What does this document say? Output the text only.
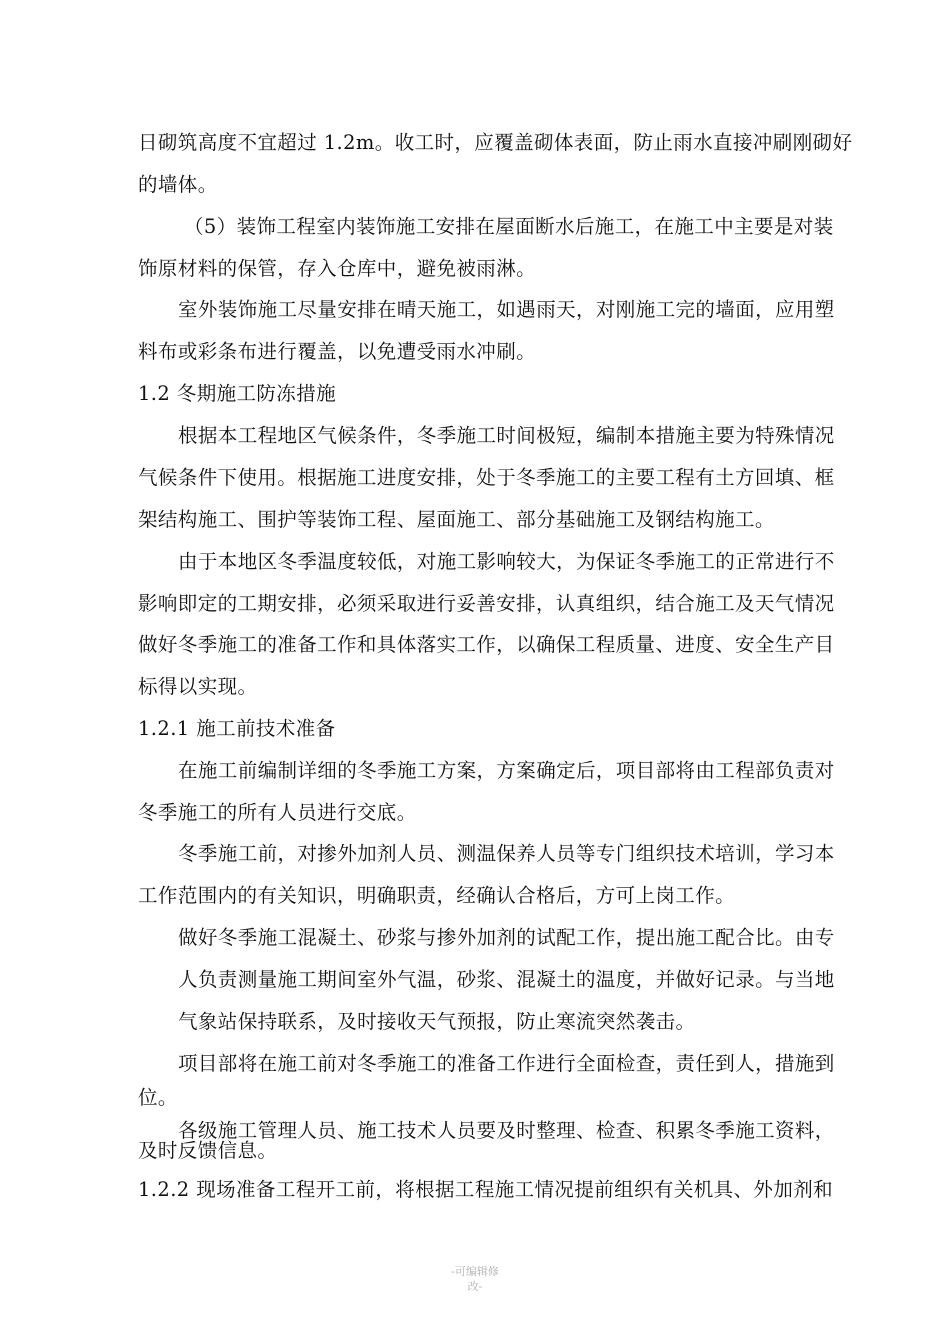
日砌筑高度不宜超过 1.2m。收工时，应覆盖砌体表面，防止雨水直接冲刷刚砌好
的墙体。
（5）装饰工程室内装饰施工安排在屋面断水后施工，在施工中主要是对装
饰原材料的保管，存入仓库中，避免被雨淋。
室外装饰施工尽量安排在晴天施工，如遇雨天，对刚施工完的墙面，应用塑
料布或彩条布进行覆盖，以免遭受雨水冲刷。
1.2 冬期施工防冻措施
根据本工程地区气候条件，冬季施工时间极短，编制本措施主要为特殊情况
气候条件下使用。根据施工进度安排，处于冬季施工的主要工程有土方回填、框
架结构施工、围护等装饰工程、屋面施工、部分基础施工及钢结构施工。
由于本地区冬季温度较低，对施工影响较大，为保证冬季施工的正常进行不
影响即定的工期安排，必须采取进行妥善安排，认真组织，结合施工及天气情况
做好冬季施工的准备工作和具体落实工作，以确保工程质量、进度、安全生产目
标得以实现。
1.2.1 施工前技术准备
在施工前编制详细的冬季施工方案，方案确定后，项目部将由工程部负责对
冬季施工的所有人员进行交底。
冬季施工前，对掺外加剂人员、测温保养人员等专门组织技术培训，学习本
工作范围内的有关知识，明确职责，经确认合格后，方可上岗工作。
做好冬季施工混凝土、砂浆与掺外加剂的试配工作，提出施工配合比。由专
人负责测量施工期间室外气温，砂浆、混凝土的温度，并做好记录。与当地
气象站保持联系，及时接收天气预报，防止寒流突然袭击。
项目部将在施工前对冬季施工的准备工作进行全面检查，责任到人，措施到
位。
各级施工管理人员、施工技术人员要及时整理、检查、积累冬季施工资料，
及时反馈信息。
1.2.2 现场准备工程开工前，将根据工程施工情况提前组织有关机具、外加剂和
-可编辑修
改-
